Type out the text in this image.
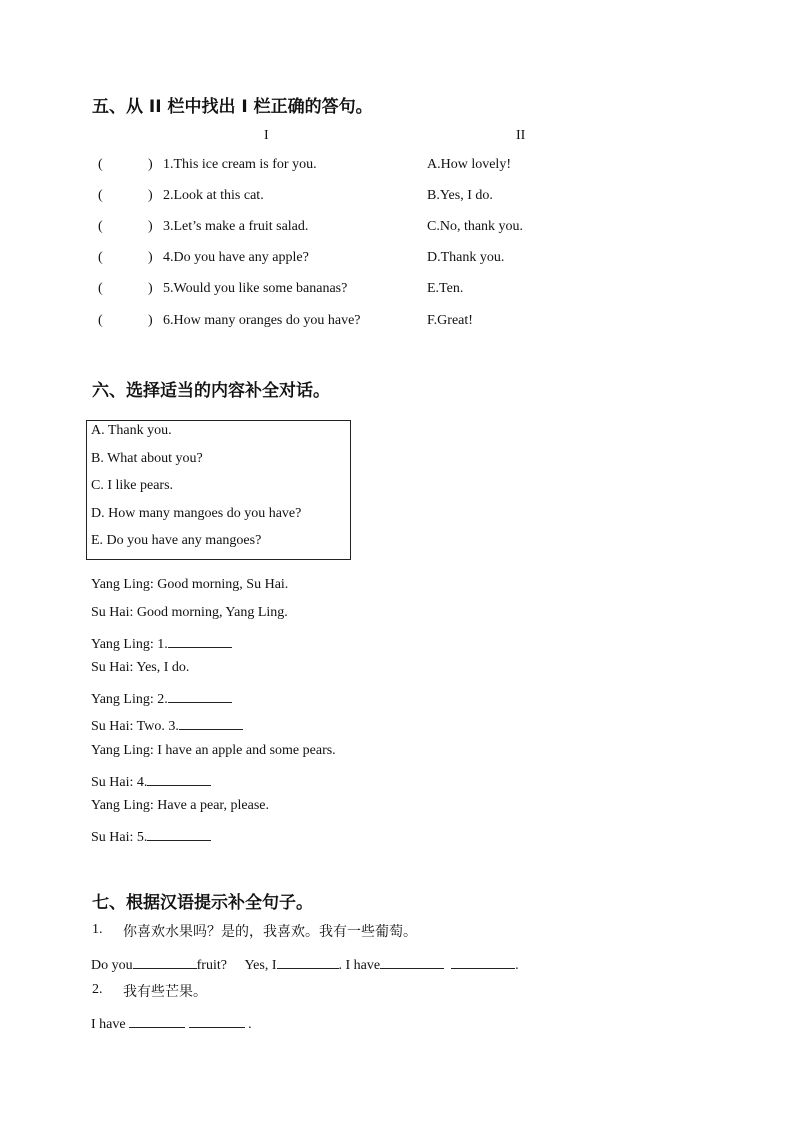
五、从 II 栏中找出 I 栏正确的答句。
I	II
(	) 1.This ice cream is for you.	A.How lovely!
(	) 2.Look at this cat.	B.Yes, I do.
(	) 3.Let’s make a fruit salad.	C.No, thank you.
(	) 4.Do you have any apple?	D.Thank you.
(	) 5.Would you like some bananas?	E.Ten.
(	) 6.How many oranges do you have?	F.Great!
六、选择适当的内容补全对话。
A. Thank you.
B. What about you?
C. I like pears.
D. How many mangoes do you have?
E. Do you have any mangoes?
Yang Ling: Good morning, Su Hai.
Su Hai: Good morning, Yang Ling.
Yang Ling: 1.
Su Hai: Yes, I do.
Yang Ling: 2.
Su Hai: Two. 3.
Yang Ling: I have an apple and some pears.
Su Hai: 4.
Yang Ling: Have a pear, please.
Su Hai: 5.
七、根据汉语提示补全句子。
1. 你喜欢水果吗？是的，我喜欢。我有一些葡萄。
Do you	fruit? Yes, I	. I have	.
2. 我有些芒果。
I have	.
